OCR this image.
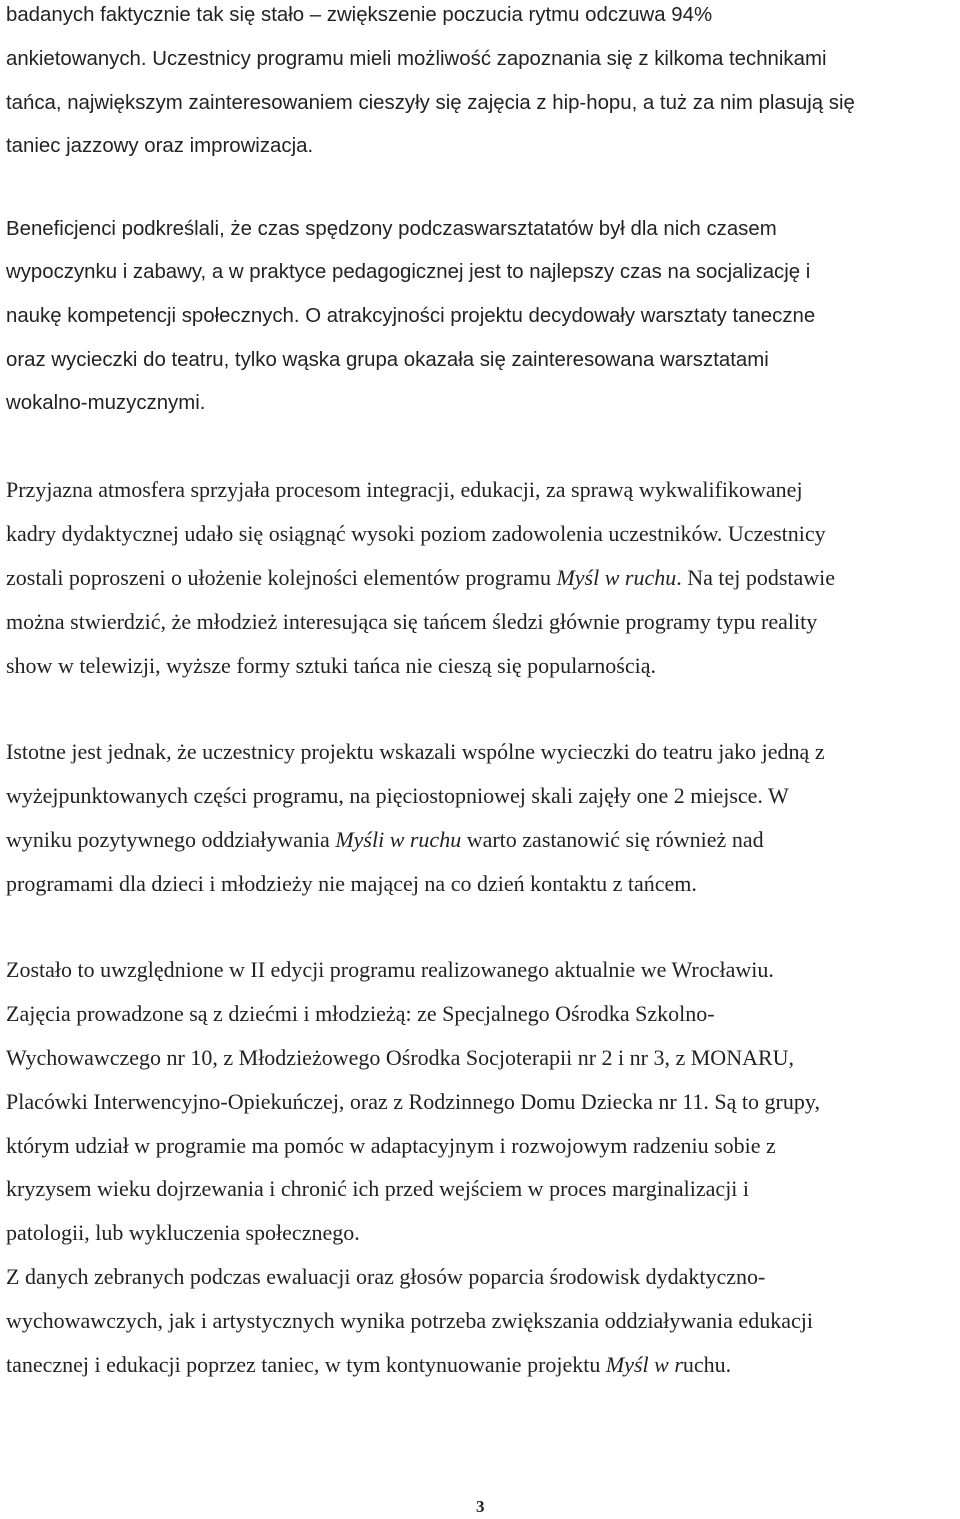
badanych faktycznie tak się stało – zwiększenie poczucia rytmu odczuwa 94%
ankietowanych. Uczestnicy programu mieli możliwość zapoznania się z kilkoma technikami
tańca, największym zainteresowaniem cieszyły się zajęcia z hip-hopu, a tuż za nim plasują się
taniec jazzowy oraz improwizacja.
Beneficjenci podkreślali, że czas spędzony podczaswarsztatatów był dla nich czasem
wypoczynku i zabawy, a w praktyce pedagogicznej jest to najlepszy czas na socjalizację i
naukę kompetencji społecznych. O atrakcyjności projektu decydowały warsztaty taneczne
oraz wycieczki do teatru, tylko wąska grupa okazała się zainteresowana warsztatami
wokalno-muzycznymi.
Przyjazna atmosfera sprzyjała procesom integracji, edukacji, za sprawą wykwalifikowanej
kadry dydaktycznej udało się osiągnąć wysoki poziom zadowolenia uczestników. Uczestnicy
zostali poproszeni o ułożenie kolejności elementów programu Myśl w ruchu. Na tej podstawie
można stwierdzić, że młodzież interesująca się tańcem śledzi głównie programy typu reality
show w telewizji, wyższe formy sztuki tańca nie cieszą się popularnością.
Istotne jest jednak, że uczestnicy projektu wskazali wspólne wycieczki do teatru jako jedną z
wyżejpunktowanych części programu, na pięciostopniowej skali zajęły one 2 miejsce. W
wyniku pozytywnego oddziaływania Myśli w ruchu warto zastanowić się również nad
programami dla dzieci i młodzieży nie mającej na co dzień kontaktu z tańcem.
Zostało to uwzględnione w II edycji programu realizowanego aktualnie we Wrocławiu.
Zajęcia prowadzone są z dziećmi i młodzieżą: ze Specjalnego Ośrodka Szkolno-
Wychowawczego nr 10, z Młodzieżowego Ośrodka Socjoterapii nr 2 i nr 3, z MONARU,
Placówki Interwencyjno-Opiekuńczej, oraz z Rodzinnego Domu Dziecka nr 11. Są to grupy,
którym udział w programie ma pomóc w adaptacyjnym i rozwojowym radzeniu sobie z
kryzysem wieku dojrzewania i chronić ich przed wejściem w proces marginalizacji i
patologii, lub wykluczenia społecznego.
Z danych zebranych podczas ewaluacji oraz głosów poparcia środowisk dydaktyczno-
wychowawczych, jak i artystycznych wynika potrzeba zwiększania oddziaływania edukacji
tanecznej i edukacji poprzez taniec, w tym kontynuowanie projektu Myśl w ruchu.
3
